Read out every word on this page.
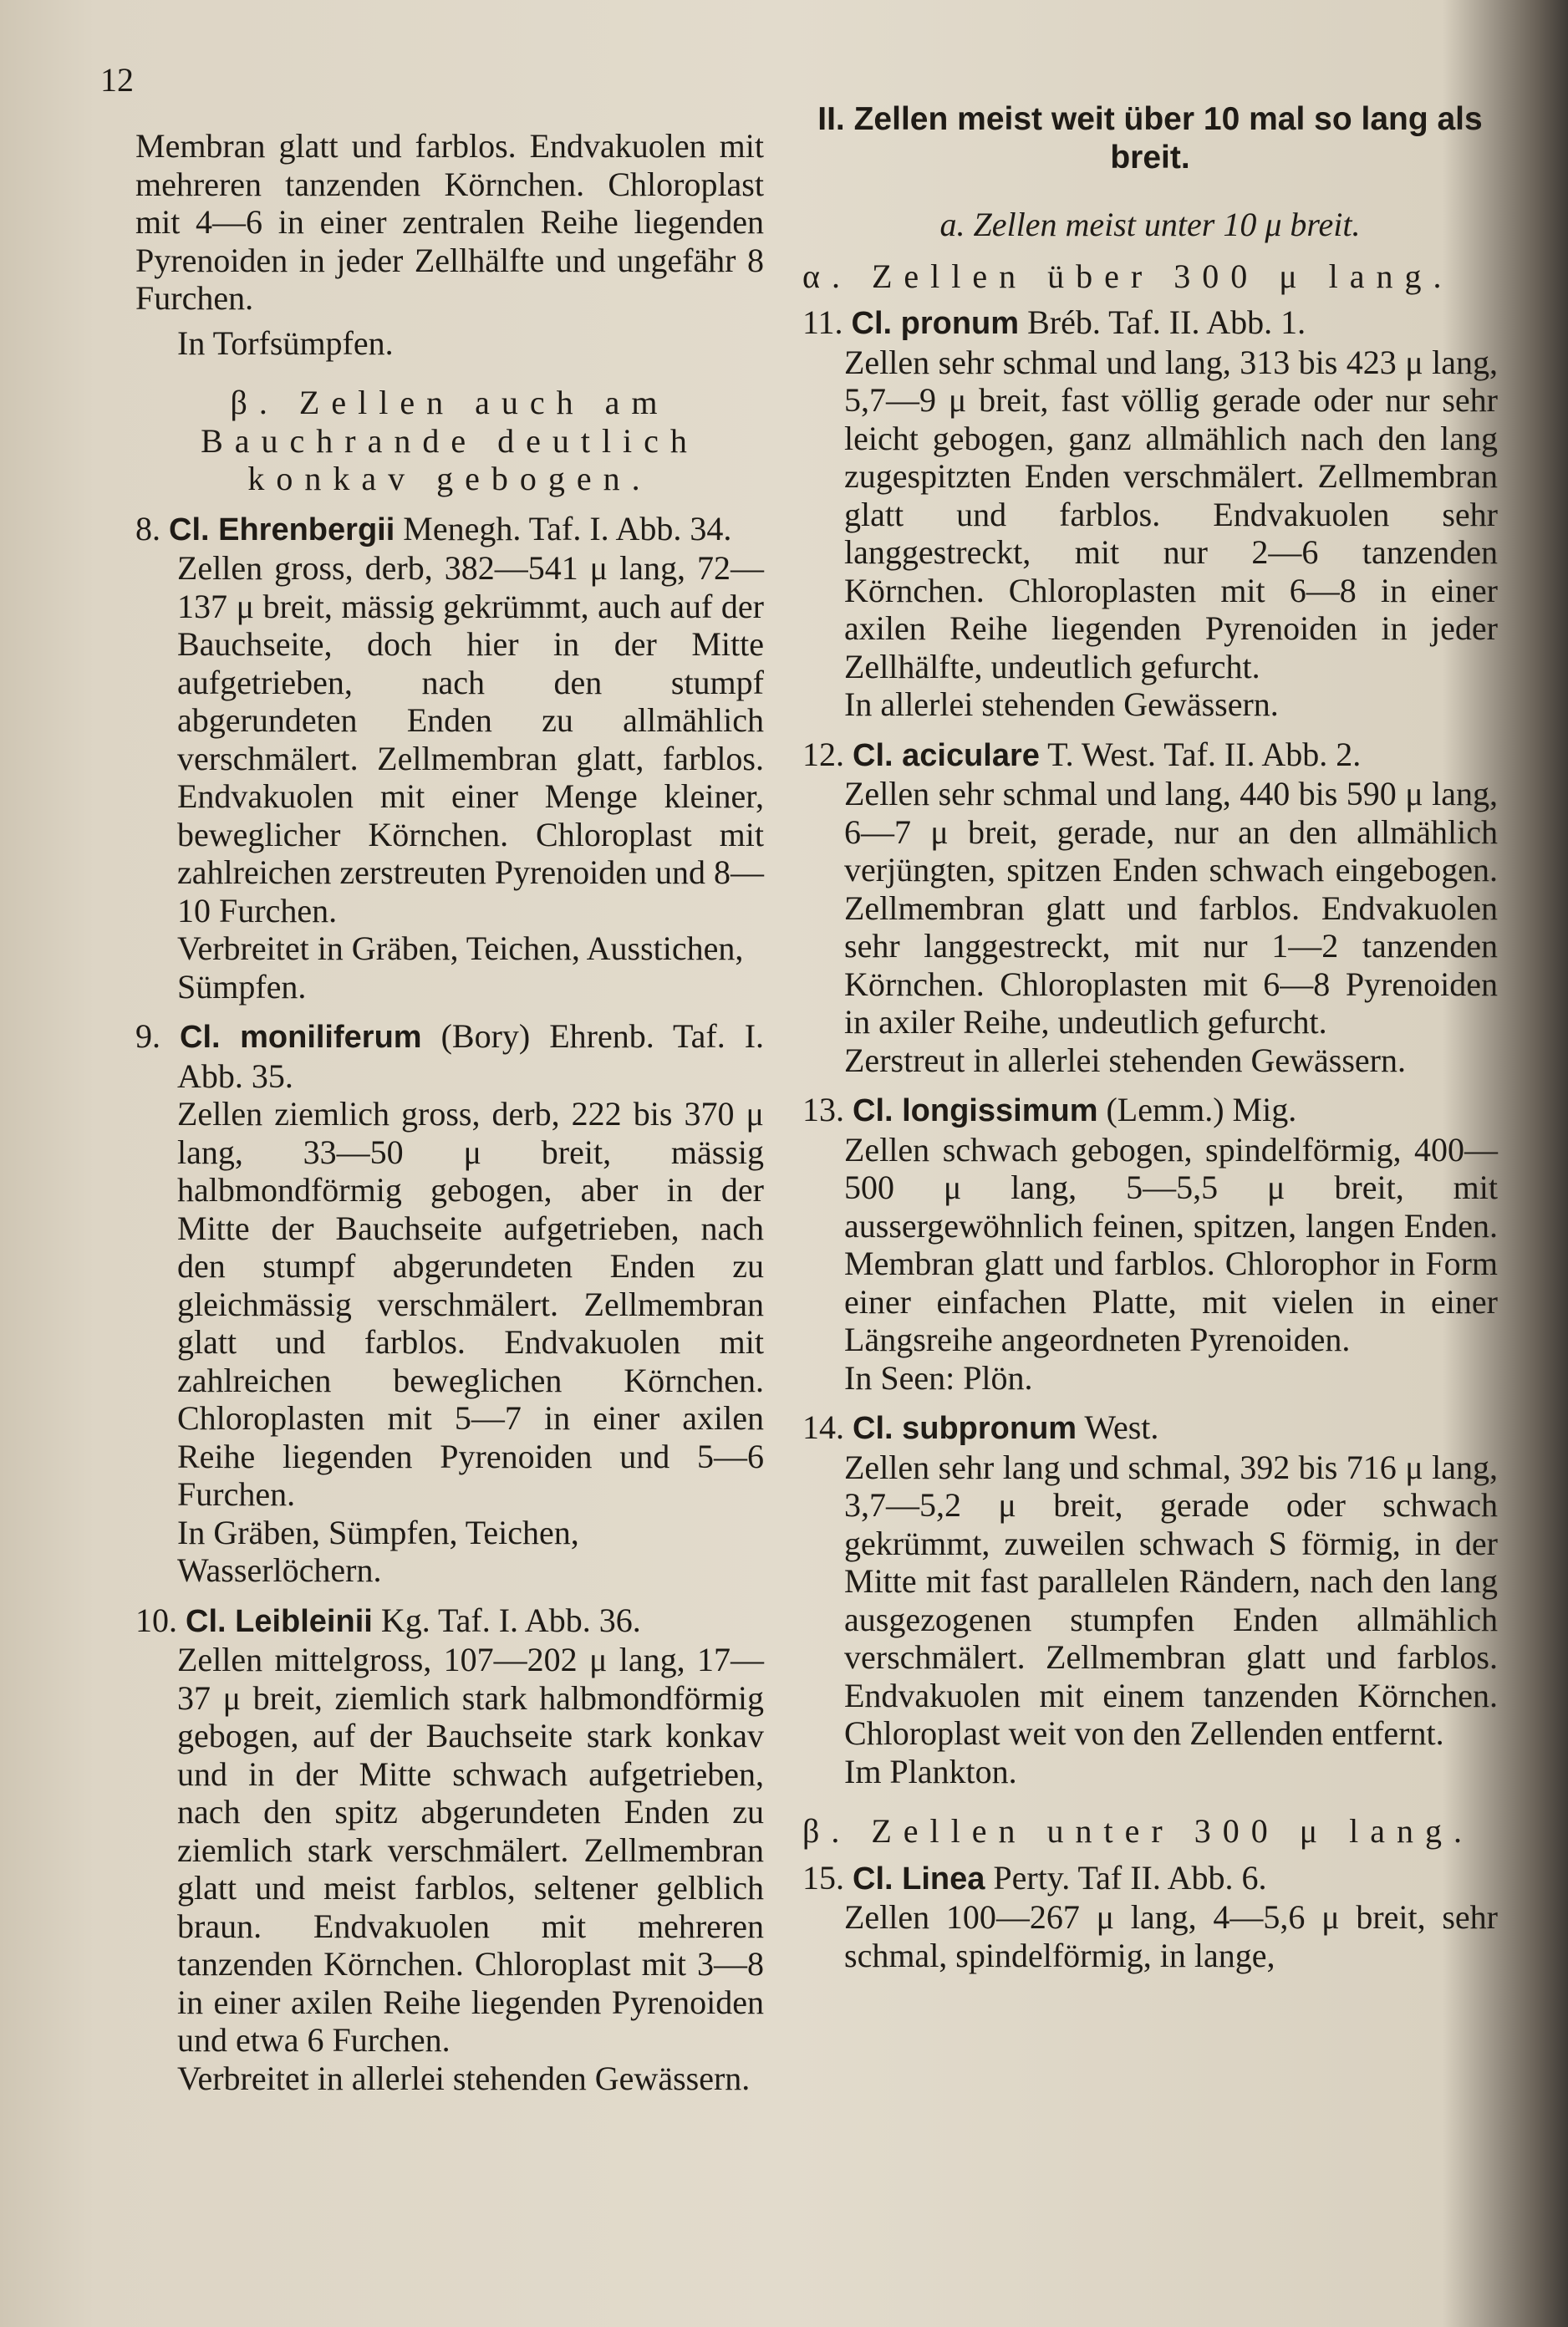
12

Membran glatt und farblos. Endvakuolen mit mehreren tanzenden Körnchen. Chloroplast mit 4—6 in einer zentralen Reihe liegenden Pyrenoiden in jeder Zellhälfte und ungefähr 8 Furchen.

In Torfsümpfen.

β. Zellen auch am Bauchrande deutlich konkav gebogen.

8. Cl. Ehrenbergii Menegh. Taf. I. Abb. 34.

Zellen gross, derb, 382—541 μ lang, 72—137 μ breit, mässig gekrümmt, auch auf der Bauchseite, doch hier in der Mitte aufgetrieben, nach den stumpf abgerundeten Enden zu allmählich verschmälert. Zellmembran glatt, farblos. Endvakuolen mit einer Menge kleiner, beweglicher Körnchen. Chloroplast mit zahlreichen zerstreuten Pyrenoiden und 8—10 Furchen.

Verbreitet in Gräben, Teichen, Ausstichen, Sümpfen.

9. Cl. moniliferum (Bory) Ehrenb. Taf. I. Abb. 35.

Zellen ziemlich gross, derb, 222 bis 370 μ lang, 33—50 μ breit, mässig halbmondförmig gebogen, aber in der Mitte der Bauchseite aufgetrieben, nach den stumpf abgerundeten Enden zu gleichmässig verschmälert. Zellmembran glatt und farblos. Endvakuolen mit zahlreichen beweglichen Körnchen. Chloroplasten mit 5—7 in einer axilen Reihe liegenden Pyrenoiden und 5—6 Furchen.

In Gräben, Sümpfen, Teichen, Wasserlöchern.

10. Cl. Leibleinii Kg. Taf. I. Abb. 36.

Zellen mittelgross, 107—202 μ lang, 17—37 μ breit, ziemlich stark halbmondförmig gebogen, auf der Bauchseite stark konkav und in der Mitte schwach aufgetrieben, nach den spitz abgerundeten Enden zu ziemlich stark verschmälert. Zellmembran glatt und meist farblos, seltener gelblich braun. Endvakuolen mit mehreren tanzenden Körnchen. Chloroplast mit 3—8 in einer axilen Reihe liegenden Pyrenoiden und etwa 6 Furchen.

Verbreitet in allerlei stehenden Gewässern.

II. Zellen meist weit über 10 mal so lang als breit.

a. Zellen meist unter 10 μ breit.

α. Zellen über 300 μ lang.

11. Cl. pronum Bréb. Taf. II. Abb. 1.

Zellen sehr schmal und lang, 313 bis 423 μ lang, 5,7—9 μ breit, fast völlig gerade oder nur sehr leicht gebogen, ganz allmählich nach den lang zugespitzten Enden verschmälert. Zellmembran glatt und farblos. Endvakuolen sehr langgestreckt, mit nur 2—6 tanzenden Körnchen. Chloroplasten mit 6—8 in einer axilen Reihe liegenden Pyrenoiden in jeder Zellhälfte, undeutlich gefurcht.

In allerlei stehenden Gewässern.

12. Cl. aciculare T. West. Taf. II. Abb. 2.

Zellen sehr schmal und lang, 440 bis 590 μ lang, 6—7 μ breit, gerade, nur an den allmählich verjüngten, spitzen Enden schwach eingebogen. Zellmembran glatt und farblos. Endvakuolen sehr langgestreckt, mit nur 1—2 tanzenden Körnchen. Chloroplasten mit 6—8 Pyrenoiden in axiler Reihe, undeutlich gefurcht.

Zerstreut in allerlei stehenden Gewässern.

13. Cl. longissimum (Lemm.) Mig.

Zellen schwach gebogen, spindelförmig, 400—500 μ lang, 5—5,5 μ breit, mit aussergewöhnlich feinen, spitzen, langen Enden. Membran glatt und farblos. Chlorophor in Form einer einfachen Platte, mit vielen in einer Längsreihe angeordneten Pyrenoiden.

In Seen: Plön.

14. Cl. subpronum West.

Zellen sehr lang und schmal, 392 bis 716 μ lang, 3,7—5,2 μ breit, gerade oder schwach gekrümmt, zuweilen schwach S förmig, in der Mitte mit fast parallelen Rändern, nach den lang ausgezogenen stumpfen Enden allmählich verschmälert. Zellmembran glatt und farblos. Endvakuolen mit einem tanzenden Körnchen. Chloroplast weit von den Zellenden entfernt.

Im Plankton.

β. Zellen unter 300 μ lang.

15. Cl. Linea Perty. Taf II. Abb. 6.

Zellen 100—267 μ lang, 4—5,6 μ breit, sehr schmal, spindelförmig, in lange,
